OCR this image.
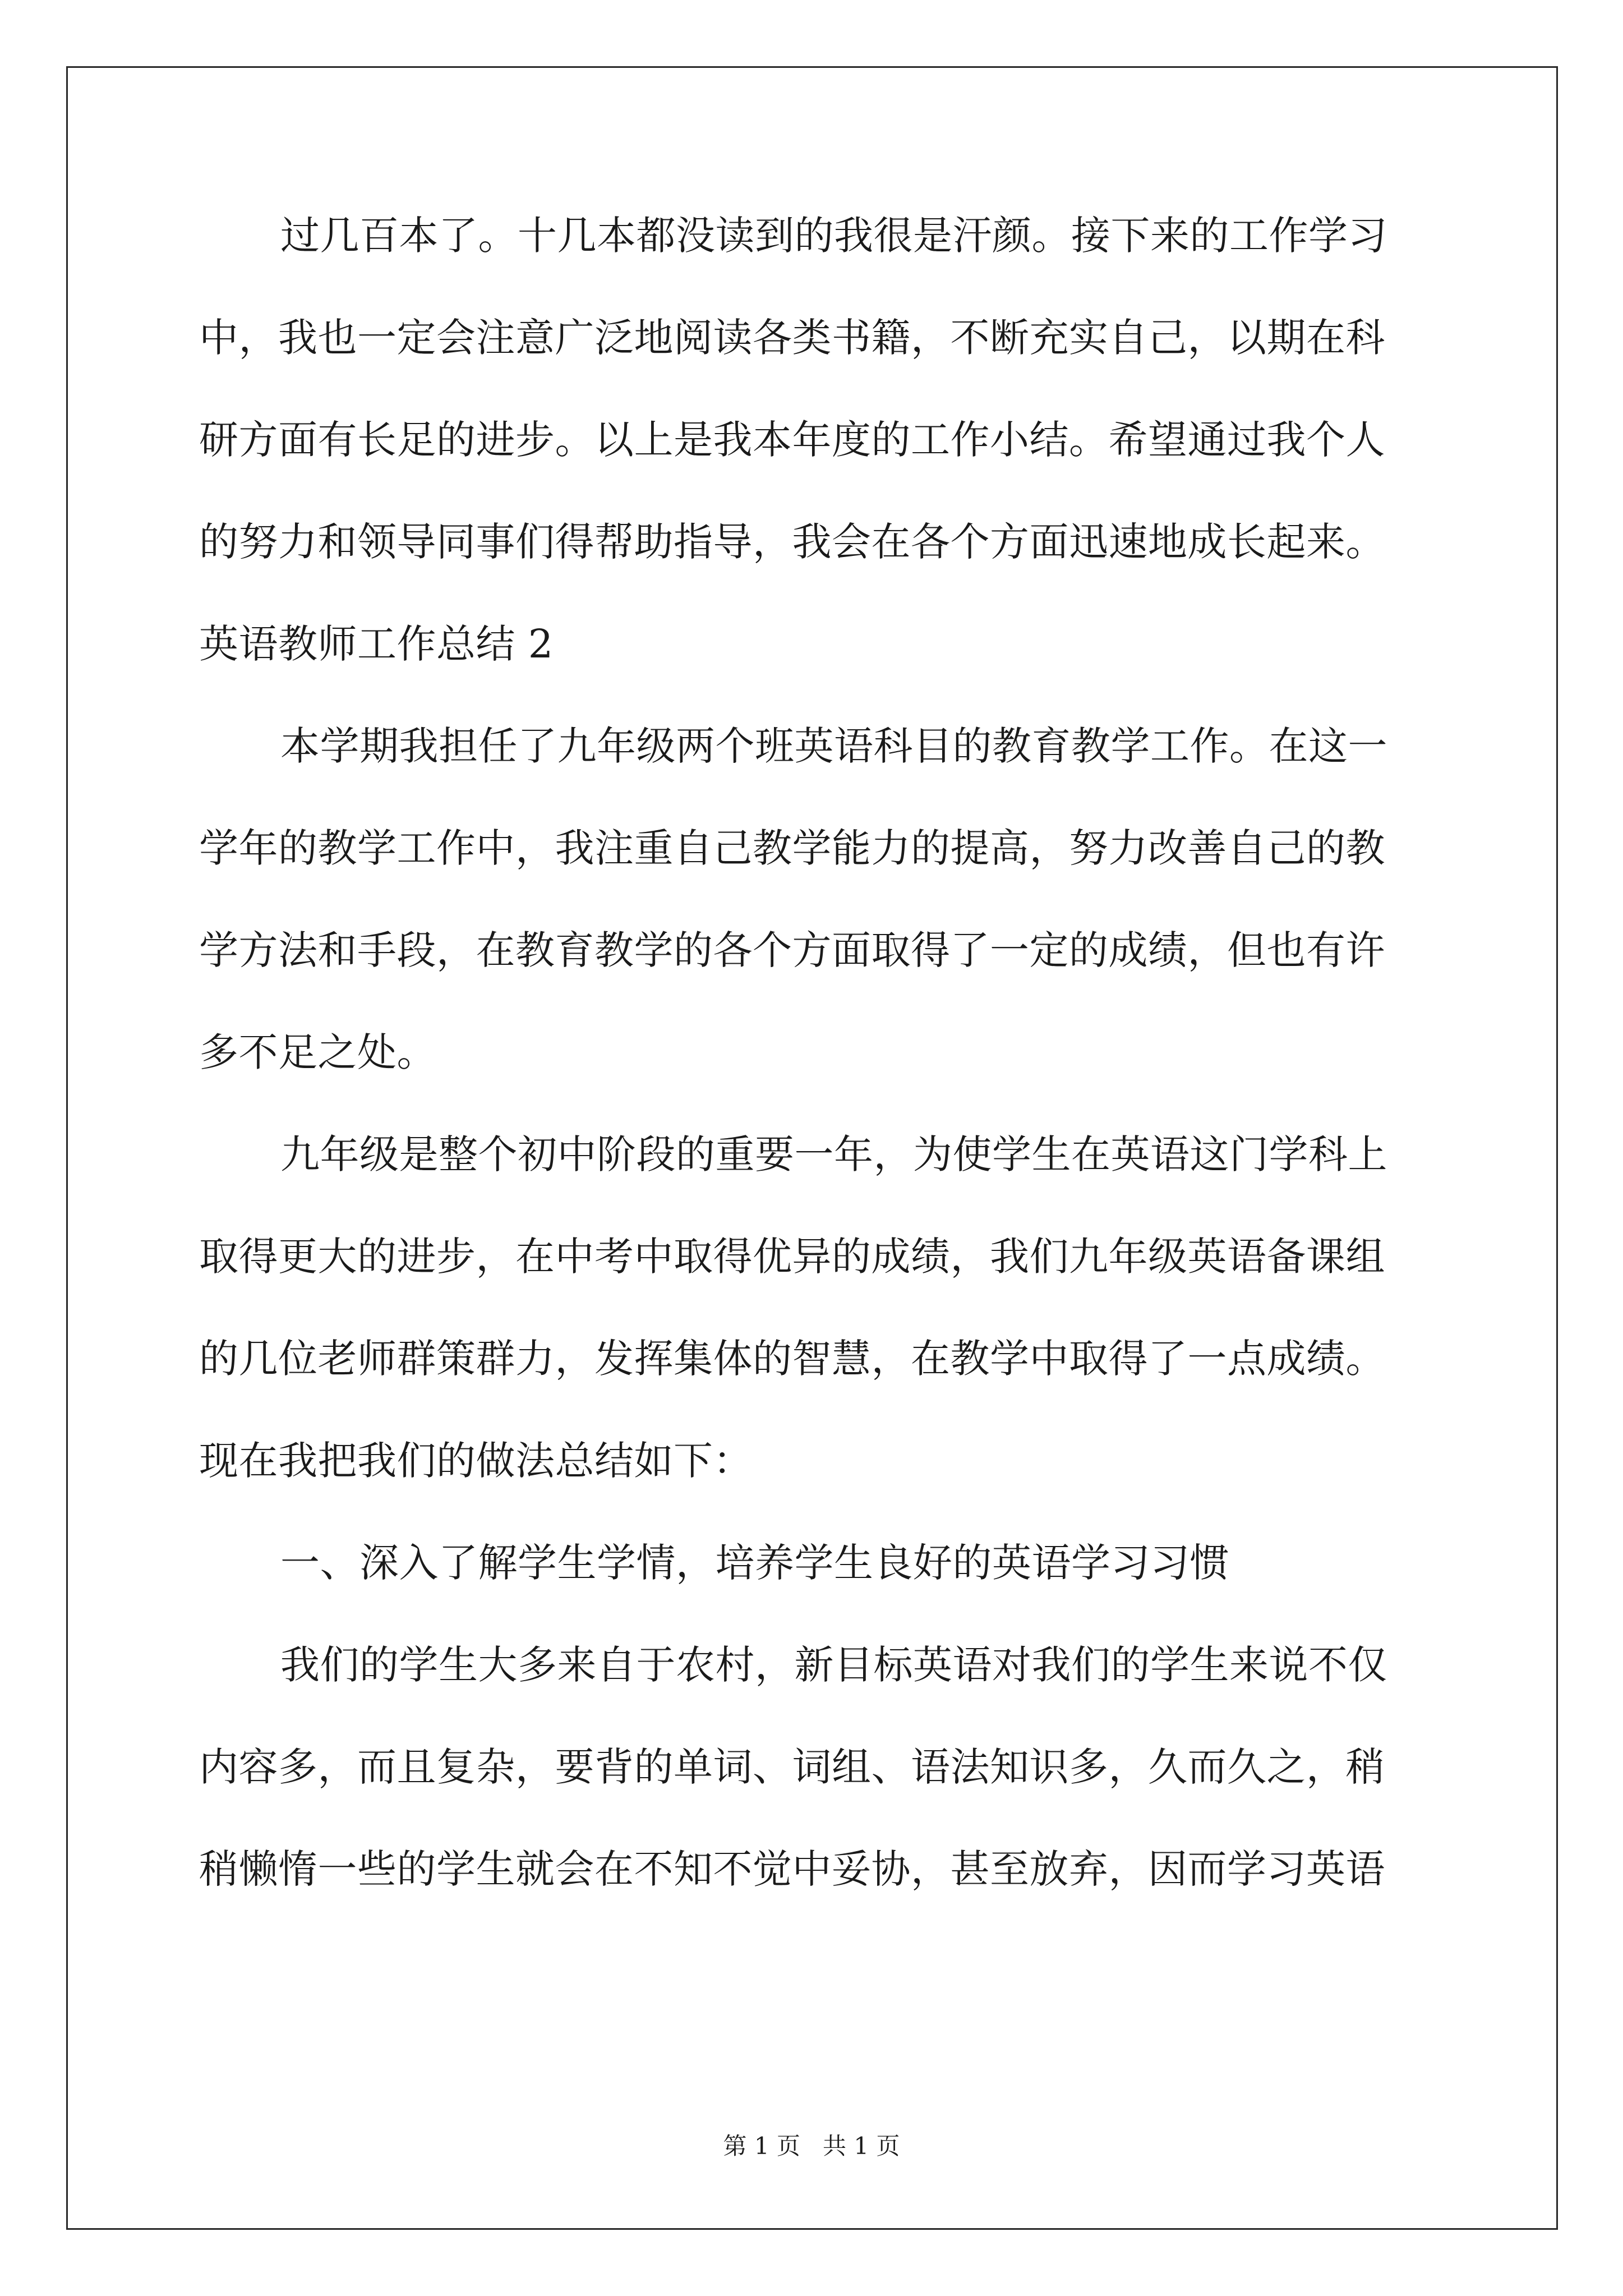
过几百本了。十几本都没读到的我很是汗颜。接下来的工作学习
中，我也一定会注意广泛地阅读各类书籍，不断充实自己，以期在科
研方面有长足的进步。以上是我本年度的工作小结。希望通过我个人
的努力和领导同事们得帮助指导，我会在各个方面迅速地成长起来。
英语教师工作总结 2
本学期我担任了九年级两个班英语科目的教育教学工作。在这一
学年的教学工作中，我注重自己教学能力的提高，努力改善自己的教
学方法和手段，在教育教学的各个方面取得了一定的成绩，但也有许
多不足之处。
九年级是整个初中阶段的重要一年，为使学生在英语这门学科上
取得更大的进步，在中考中取得优异的成绩，我们九年级英语备课组
的几位老师群策群力，发挥集体的智慧，在教学中取得了一点成绩。
现在我把我们的做法总结如下：
一、深入了解学生学情，培养学生良好的英语学习习惯
我们的学生大多来自于农村，新目标英语对我们的学生来说不仅
内容多，而且复杂，要背的单词、词组、语法知识多，久而久之，稍
稍懒惰一些的学生就会在不知不觉中妥协，甚至放弃，因而学习英语
第 1 页   共 1 页
